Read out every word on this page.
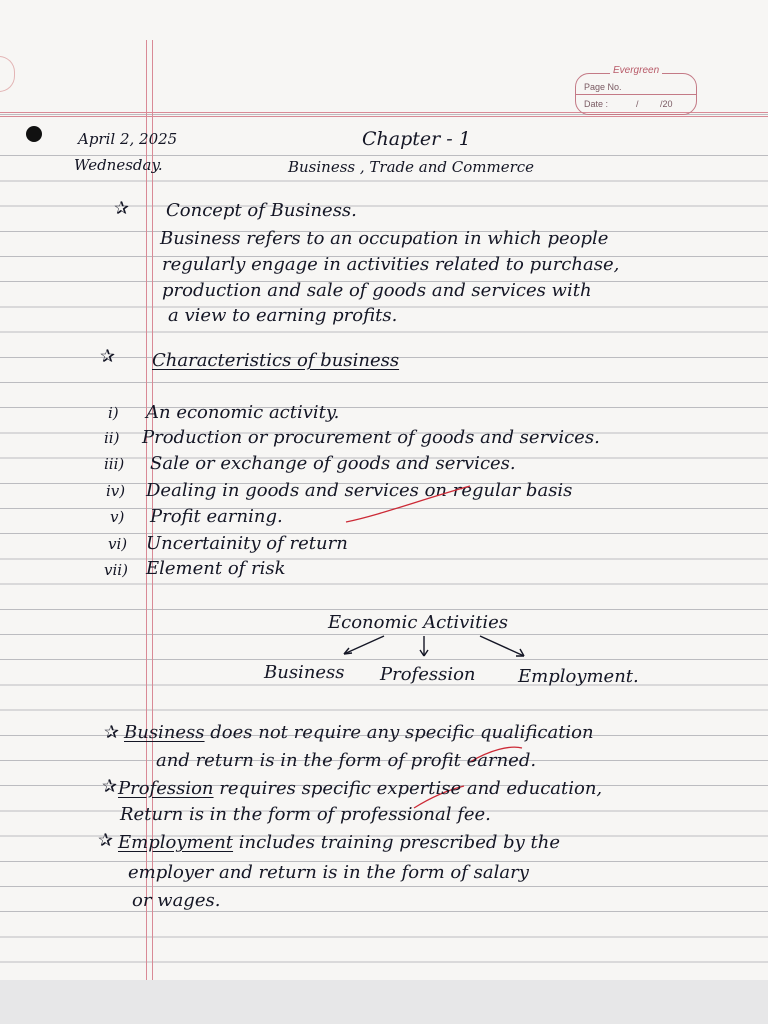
Evergreen
Page No.
Date :	/ /20
April 2, 2025
Wednesday.
Chapter - 1
Business , Trade and Commerce
✰ Concept of Business.
Business refers to an occupation in which people
regularly engage in activities related to purchase,
production and sale of goods and services with
a view to earning profits.
✰ Characteristics of business
i) An economic activity.
ii) Production or procurement of goods and services.
iii) Sale or exchange of goods and services.
iv) Dealing in goods and services on regular basis
v) Profit earning.
vi) Uncertainity of return
vii) Element of risk
Economic Activities
Business Profession Employment.
✰ Business does not require any specific qualification
and return is in the form of profit earned.
✰ Profession requires specific expertise and education,
Return is in the form of professional fee.
✰ Employment includes training prescribed by the
employer and return is in the form of salary
or wages.
